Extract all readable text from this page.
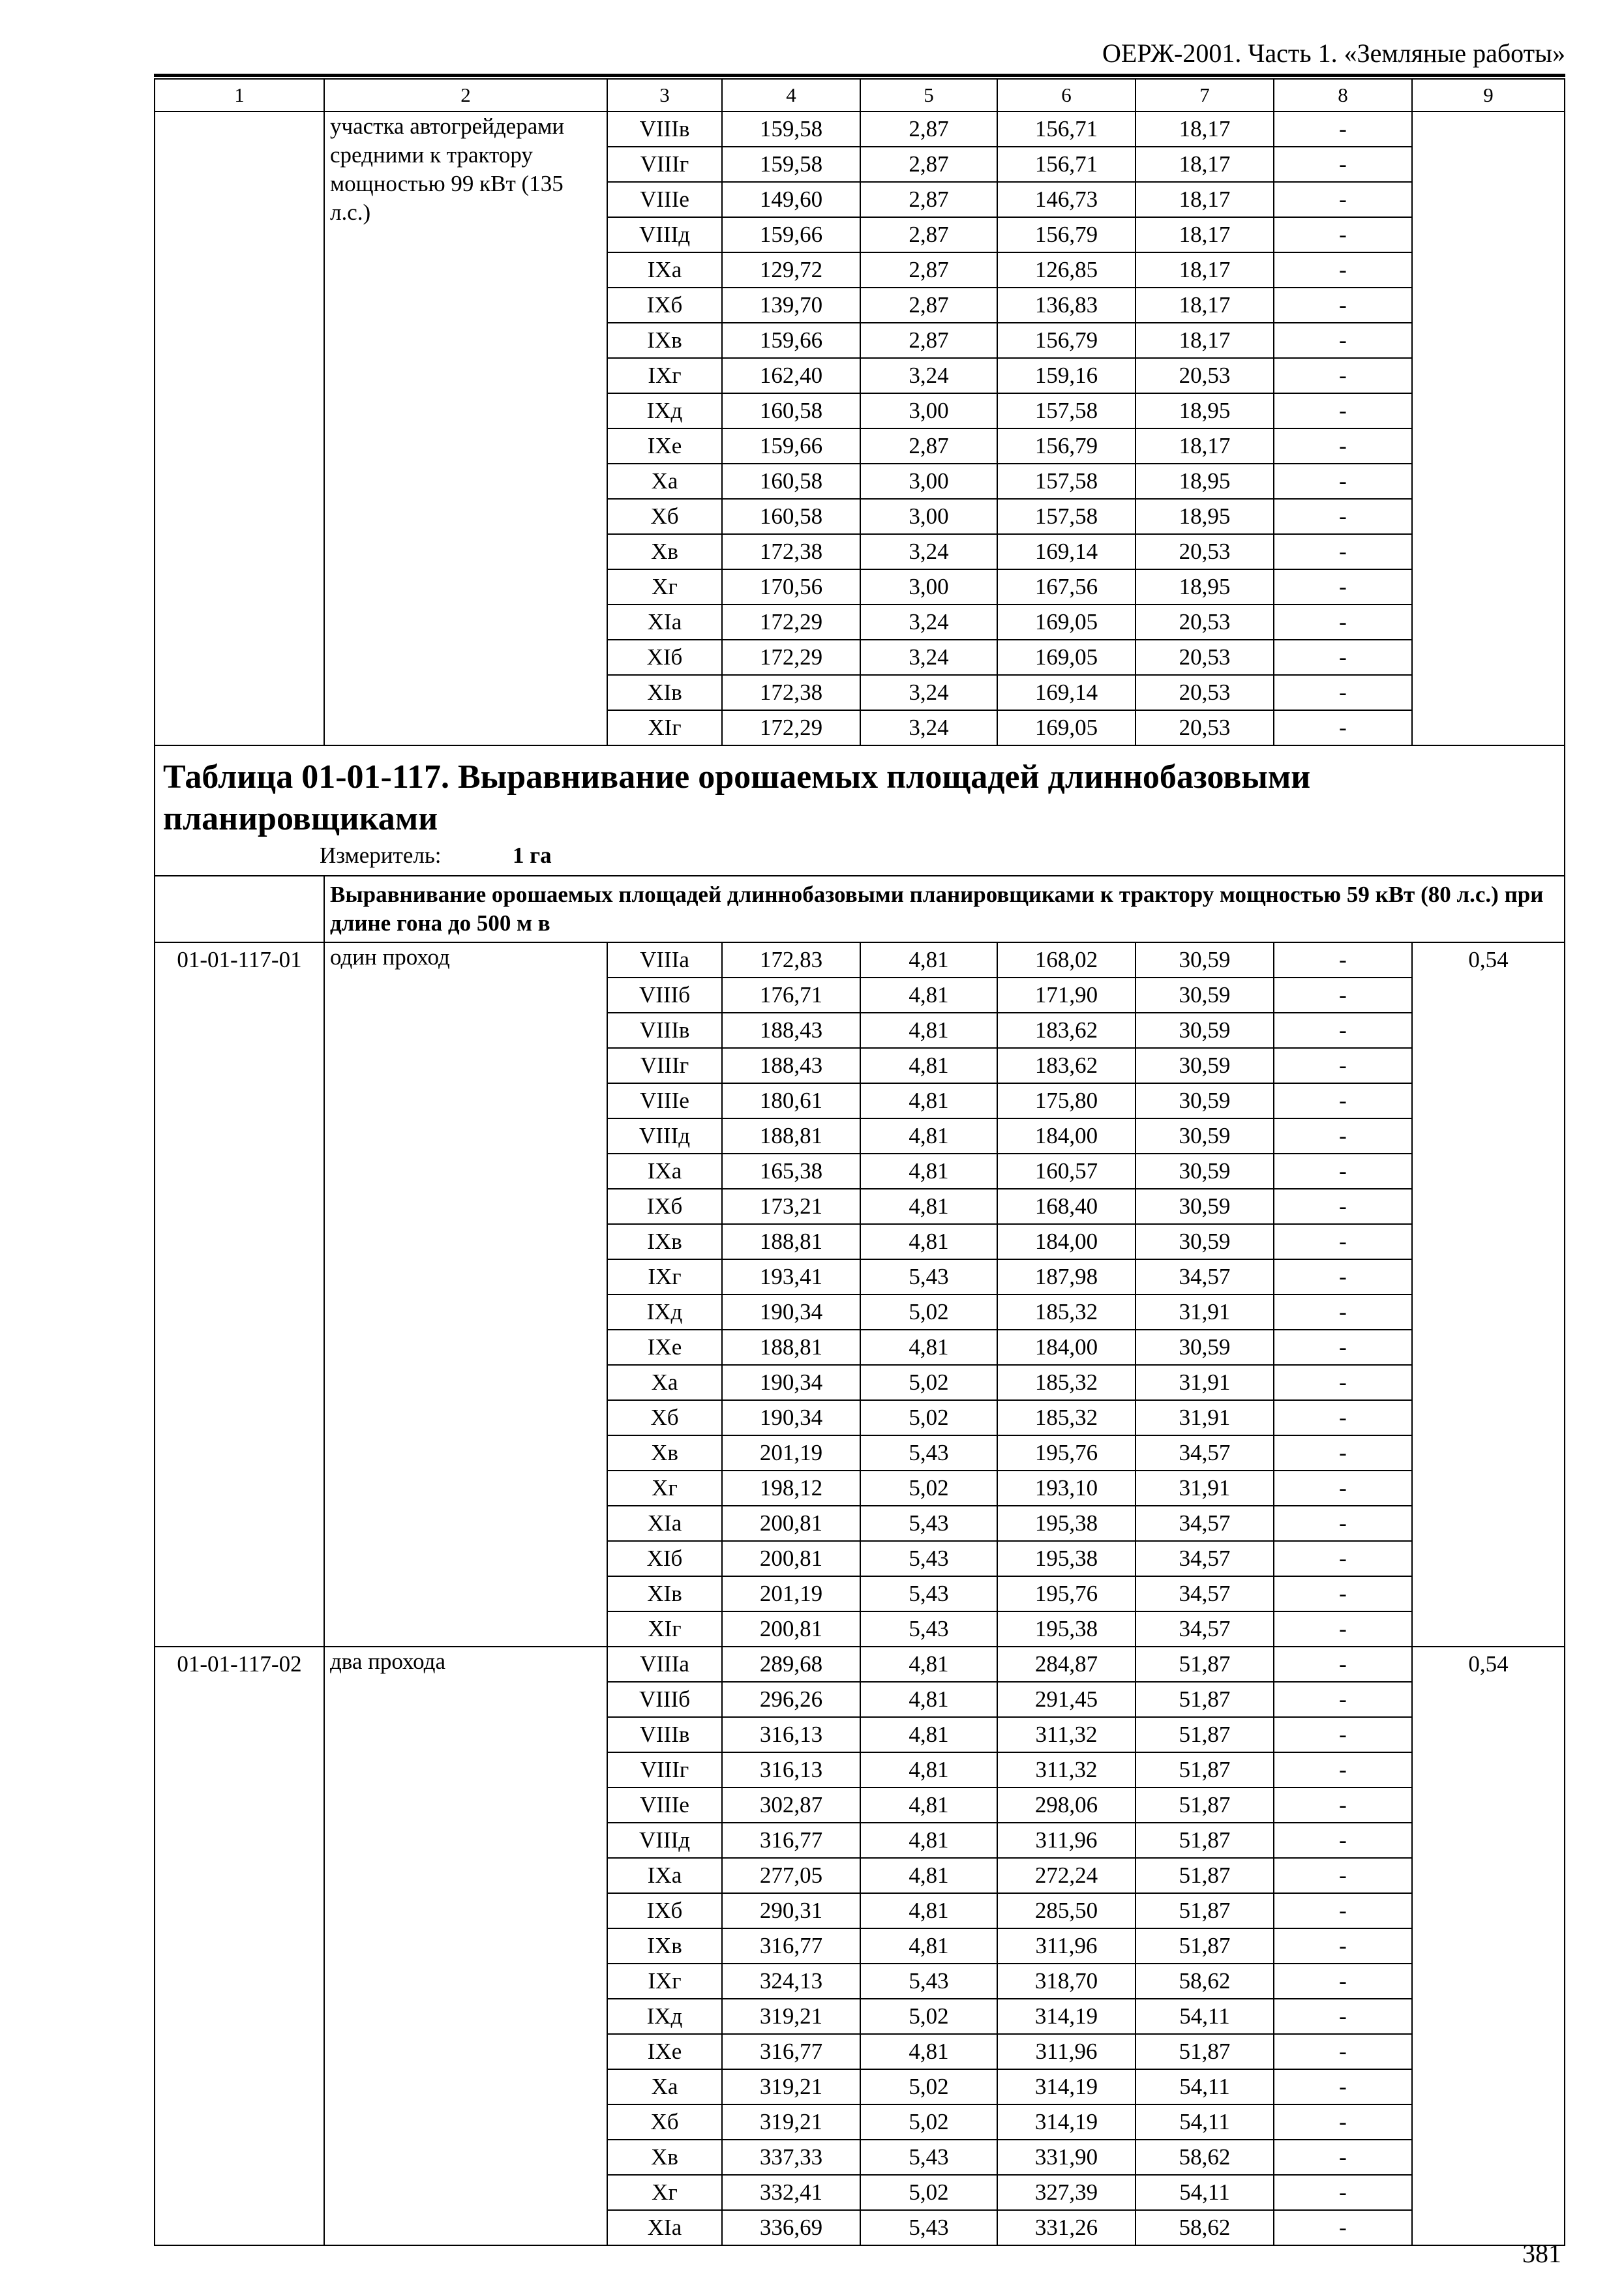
ОЕРЖ-2001. Часть 1. «Земляные работы»
1	2	3	4	5	6	7	8	9
	участка автогрейдерами средними к трактору мощностью 99 кВт (135 л.с.)	VIIIв	159,58	2,87	156,71	18,17	-	
		VIIIг	159,58	2,87	156,71	18,17	-	
		VIIIе	149,60	2,87	146,73	18,17	-	
		VIIIд	159,66	2,87	156,79	18,17	-	
		IXа	129,72	2,87	126,85	18,17	-	
		IXб	139,70	2,87	136,83	18,17	-	
		IXв	159,66	2,87	156,79	18,17	-	
		IXг	162,40	3,24	159,16	20,53	-	
		IXд	160,58	3,00	157,58	18,95	-	
		IXе	159,66	2,87	156,79	18,17	-	
		Xа	160,58	3,00	157,58	18,95	-	
		Xб	160,58	3,00	157,58	18,95	-	
		Xв	172,38	3,24	169,14	20,53	-	
		Xг	170,56	3,00	167,56	18,95	-	
		XIа	172,29	3,24	169,05	20,53	-	
		XIб	172,29	3,24	169,05	20,53	-	
		XIв	172,38	3,24	169,14	20,53	-	
		XIг	172,29	3,24	169,05	20,53	-	

Таблица 01-01-117. Выравнивание орошаемых площадей длиннобазовыми планировщиками
Измеритель: 1 га								

	Выравнивание орошаемых площадей длиннобазовыми планировщиками к трактору мощностью 59 кВт (80 л.с.) при длине гона до 500 м в							
01-01-117-01	один проход	VIIIа	172,83	4,81	168,02	30,59	-	0,54
		VIIIб	176,71	4,81	171,90	30,59	-	
		VIIIв	188,43	4,81	183,62	30,59	-	
		VIIIг	188,43	4,81	183,62	30,59	-	
		VIIIе	180,61	4,81	175,80	30,59	-	
		VIIIд	188,81	4,81	184,00	30,59	-	
		IXа	165,38	4,81	160,57	30,59	-	
		IXб	173,21	4,81	168,40	30,59	-	
		IXв	188,81	4,81	184,00	30,59	-	
		IXг	193,41	5,43	187,98	34,57	-	
		IXд	190,34	5,02	185,32	31,91	-	
		IXе	188,81	4,81	184,00	30,59	-	
		Xа	190,34	5,02	185,32	31,91	-	
		Xб	190,34	5,02	185,32	31,91	-	
		Xв	201,19	5,43	195,76	34,57	-	
		Xг	198,12	5,02	193,10	31,91	-	
		XIа	200,81	5,43	195,38	34,57	-	
		XIб	200,81	5,43	195,38	34,57	-	
		XIв	201,19	5,43	195,76	34,57	-	
		XIг	200,81	5,43	195,38	34,57	-	
01-01-117-02	два прохода	VIIIа	289,68	4,81	284,87	51,87	-	0,54
		VIIIб	296,26	4,81	291,45	51,87	-	
		VIIIв	316,13	4,81	311,32	51,87	-	
		VIIIг	316,13	4,81	311,32	51,87	-	
		VIIIе	302,87	4,81	298,06	51,87	-	
		VIIIд	316,77	4,81	311,96	51,87	-	
		IXа	277,05	4,81	272,24	51,87	-	
		IXб	290,31	4,81	285,50	51,87	-	
		IXв	316,77	4,81	311,96	51,87	-	
		IXг	324,13	5,43	318,70	58,62	-	
		IXд	319,21	5,02	314,19	54,11	-	
		IXе	316,77	4,81	311,96	51,87	-	
		Xа	319,21	5,02	314,19	54,11	-	
		Xб	319,21	5,02	314,19	54,11	-	
		Xв	337,33	5,43	331,90	58,62	-	
		Xг	332,41	5,02	327,39	54,11	-	
		XIа	336,69	5,43	331,26	58,62	-	
381
